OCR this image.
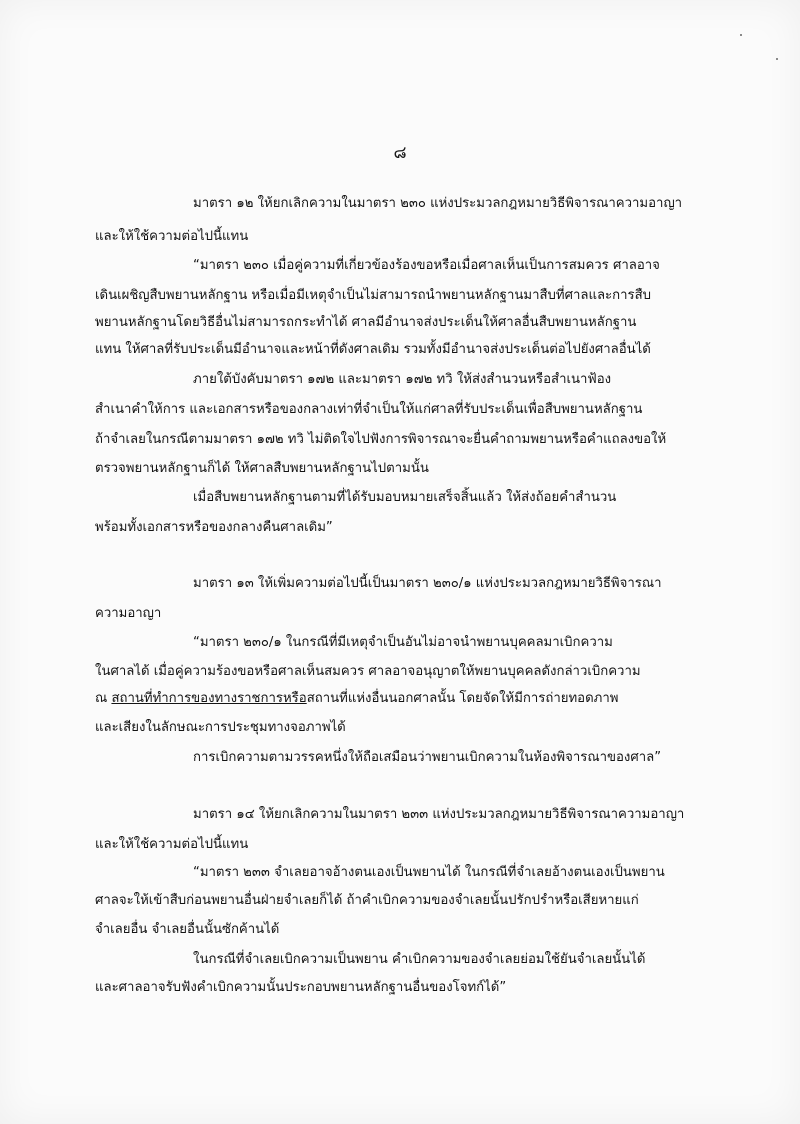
๘
มาตรา ๑๒ ให้ยกเลิกความในมาตรา ๒๓๐ แห่งประมวลกฎหมายวิธีพิจารณาความอาญา
และให้ใช้ความต่อไปนี้แทน
“มาตรา ๒๓๐ เมื่อคู่ความที่เกี่ยวข้องร้องขอหรือเมื่อศาลเห็นเป็นการสมควร ศาลอาจ
เดินเผชิญสืบพยานหลักฐาน หรือเมื่อมีเหตุจำเป็นไม่สามารถนำพยานหลักฐานมาสืบที่ศาลและการสืบ
พยานหลักฐานโดยวิธีอื่นไม่สามารถกระทำได้ ศาลมีอำนาจส่งประเด็นให้ศาลอื่นสืบพยานหลักฐาน
แทน ให้ศาลที่รับประเด็นมีอำนาจและหน้าที่ดังศาลเดิม รวมทั้งมีอำนาจส่งประเด็นต่อไปยังศาลอื่นได้
ภายใต้บังคับมาตรา ๑๗๒ และมาตรา ๑๗๒ ทวิ ให้ส่งสำนวนหรือสำเนาฟ้อง
สำเนาคำให้การ และเอกสารหรือของกลางเท่าที่จำเป็นให้แก่ศาลที่รับประเด็นเพื่อสืบพยานหลักฐาน
ถ้าจำเลยในกรณีตามมาตรา ๑๗๒ ทวิ ไม่ติดใจไปฟังการพิจารณาจะยื่นคำถามพยานหรือคำแถลงขอให้
ตรวจพยานหลักฐานก็ได้ ให้ศาลสืบพยานหลักฐานไปตามนั้น
เมื่อสืบพยานหลักฐานตามที่ได้รับมอบหมายเสร็จสิ้นแล้ว ให้ส่งถ้อยคำสำนวน
พร้อมทั้งเอกสารหรือของกลางคืนศาลเดิม”
มาตรา ๑๓ ให้เพิ่มความต่อไปนี้เป็นมาตรา ๒๓๐/๑ แห่งประมวลกฎหมายวิธีพิจารณา
ความอาญา
“มาตรา ๒๓๐/๑ ในกรณีที่มีเหตุจำเป็นอันไม่อาจนำพยานบุคคลมาเบิกความ
ในศาลได้ เมื่อคู่ความร้องขอหรือศาลเห็นสมควร ศาลอาจอนุญาตให้พยานบุคคลดังกล่าวเบิกความ
ณ สถานที่ทำการของทางราชการหรือสถานที่แห่งอื่นนอกศาลนั้น โดยจัดให้มีการถ่ายทอดภาพ
และเสียงในลักษณะการประชุมทางจอภาพได้
การเบิกความตามวรรคหนึ่งให้ถือเสมือนว่าพยานเบิกความในห้องพิจารณาของศาล”
มาตรา ๑๔ ให้ยกเลิกความในมาตรา ๒๓๓ แห่งประมวลกฎหมายวิธีพิจารณาความอาญา
และให้ใช้ความต่อไปนี้แทน
“มาตรา ๒๓๓ จำเลยอาจอ้างตนเองเป็นพยานได้ ในกรณีที่จำเลยอ้างตนเองเป็นพยาน
ศาลจะให้เข้าสืบก่อนพยานอื่นฝ่ายจำเลยก็ได้ ถ้าคำเบิกความของจำเลยนั้นปรักปรำหรือเสียหายแก่
จำเลยอื่น จำเลยอื่นนั้นซักค้านได้
ในกรณีที่จำเลยเบิกความเป็นพยาน คำเบิกความของจำเลยย่อมใช้ยันจำเลยนั้นได้
และศาลอาจรับฟังคำเบิกความนั้นประกอบพยานหลักฐานอื่นของโจทก์ได้”
